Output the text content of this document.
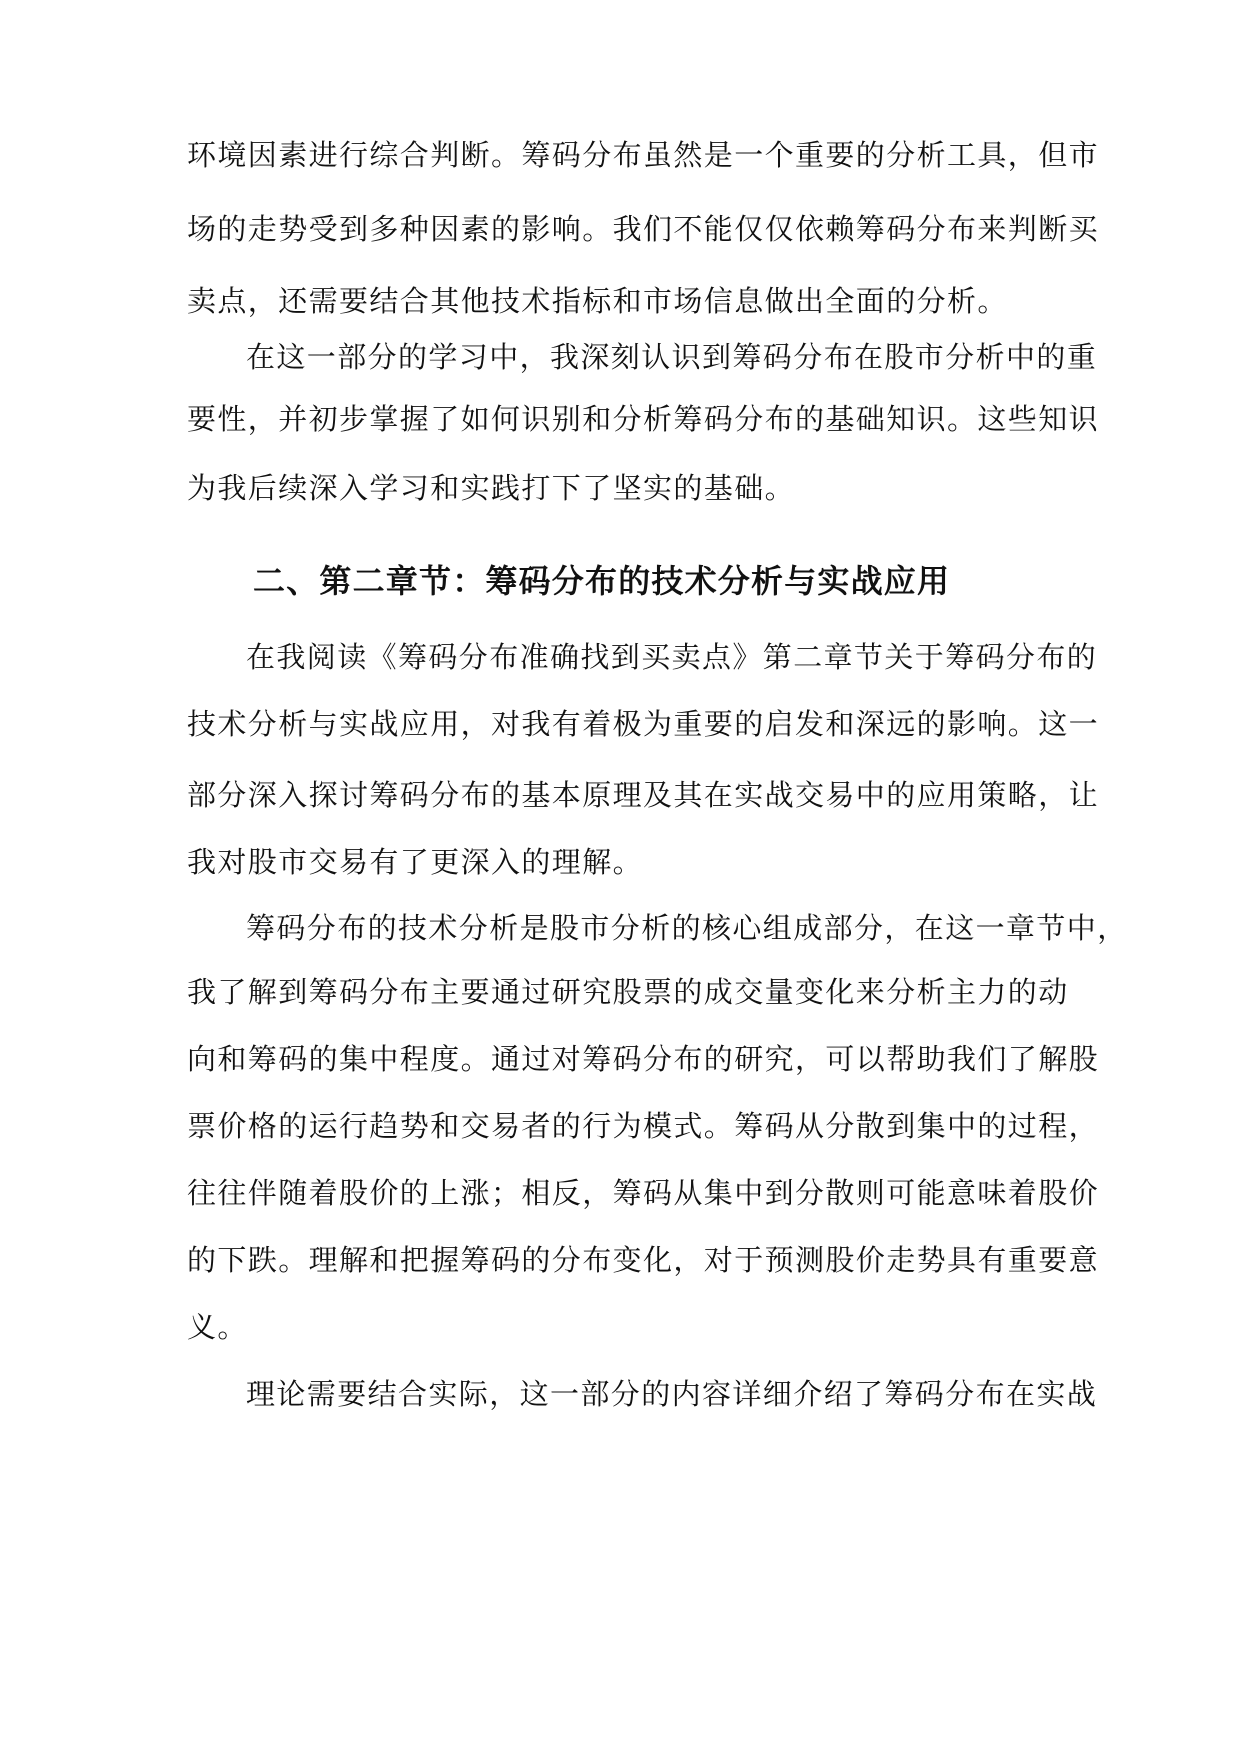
环境因素进行综合判断。筹码分布虽然是一个重要的分析工具，但市
场的走势受到多种因素的影响。我们不能仅仅依赖筹码分布来判断买
卖点，还需要结合其他技术指标和市场信息做出全面的分析。
在这一部分的学习中，我深刻认识到筹码分布在股市分析中的重
要性，并初步掌握了如何识别和分析筹码分布的基础知识。这些知识
为我后续深入学习和实践打下了坚实的基础。
二、第二章节：筹码分布的技术分析与实战应用
在我阅读《筹码分布准确找到买卖点》第二章节关于筹码分布的
技术分析与实战应用，对我有着极为重要的启发和深远的影响。这一
部分深入探讨筹码分布的基本原理及其在实战交易中的应用策略，让
我对股市交易有了更深入的理解。
筹码分布的技术分析是股市分析的核心组成部分，在这一章节中，
我了解到筹码分布主要通过研究股票的成交量变化来分析主力的动
向和筹码的集中程度。通过对筹码分布的研究，可以帮助我们了解股
票价格的运行趋势和交易者的行为模式。筹码从分散到集中的过程，
往往伴随着股价的上涨；相反，筹码从集中到分散则可能意味着股价
的下跌。理解和把握筹码的分布变化，对于预测股价走势具有重要意
义。
理论需要结合实际，这一部分的内容详细介绍了筹码分布在实战
